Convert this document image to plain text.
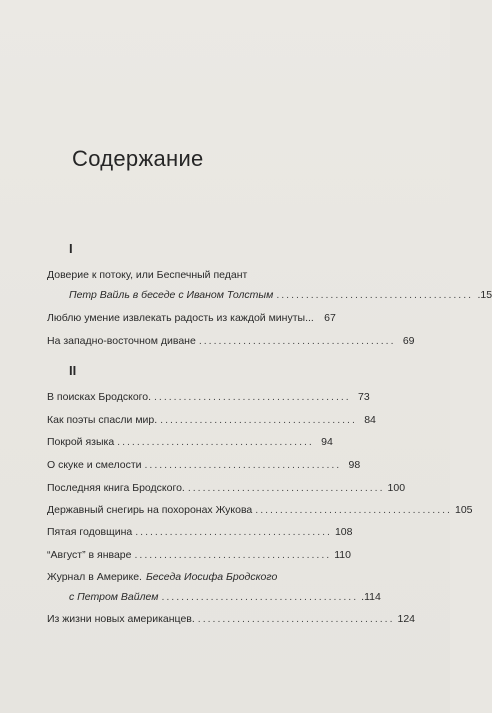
Содержание
I
Доверие к потоку, или Беспечный педант
Петр Вайль в беседе с Иваном Толстым ........................................ .15
Люблю умение извлекать радость из каждой минуты... 67
На западно-восточном диване ........................................ 69
II
В поисках Бродского. ........................................ 73
Как поэты спасли мир. ........................................ 84
Покрой языка ........................................ 94
О скуке и смелости ........................................ 98
Последняя книга Бродского. ........................................ 100
Державный снегирь на похоронах Жукова ........................................ 105
Пятая годовщина ........................................ 108
“Август” в январе ........................................ 110
Журнал в Америке. Беседа Иосифа Бродского
с Петром Вайлем ........................................ .114
Из жизни новых американцев. ........................................ 124
